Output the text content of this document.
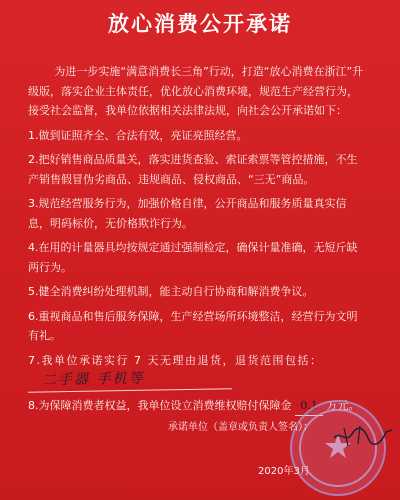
放心消费公开承诺

为进一步实施“满意消费长三角”行动，打造“放心消费在浙江”升级版，落实企业主体责任，优化放心消费环境，规范生产经营行为，接受社会监督，我单位依据相关法律法规，向社会公开承诺如下：

1.做到证照齐全、合法有效，亮证亮照经营。

2.把好销售商品质量关，落实进货查验、索证索票等管控措施，不生产销售假冒伪劣商品、违规商品、侵权商品、“三无”商品。

3.规范经营服务行为，加强价格自律，公开商品和服务质量真实信息，明码标价，无价格欺诈行为。

4.在用的计量器具均按规定通过强制检定，确保计量准确，无短斤缺两行为。

5.健全消费纠纷处理机制，能主动自行协商和解消费争议。

6.重视商品和售后服务保障，生产经营场所环境整洁，经营行为文明有礼。

7.我单位承诺实行 7 天无理由退货，退货范围包括： 二手器 手机等

8.为保障消费者权益，我单位设立消费维权赔付保障金 0.1 万元。

承诺单位（盖章或负责人签名）：
2020年3月
